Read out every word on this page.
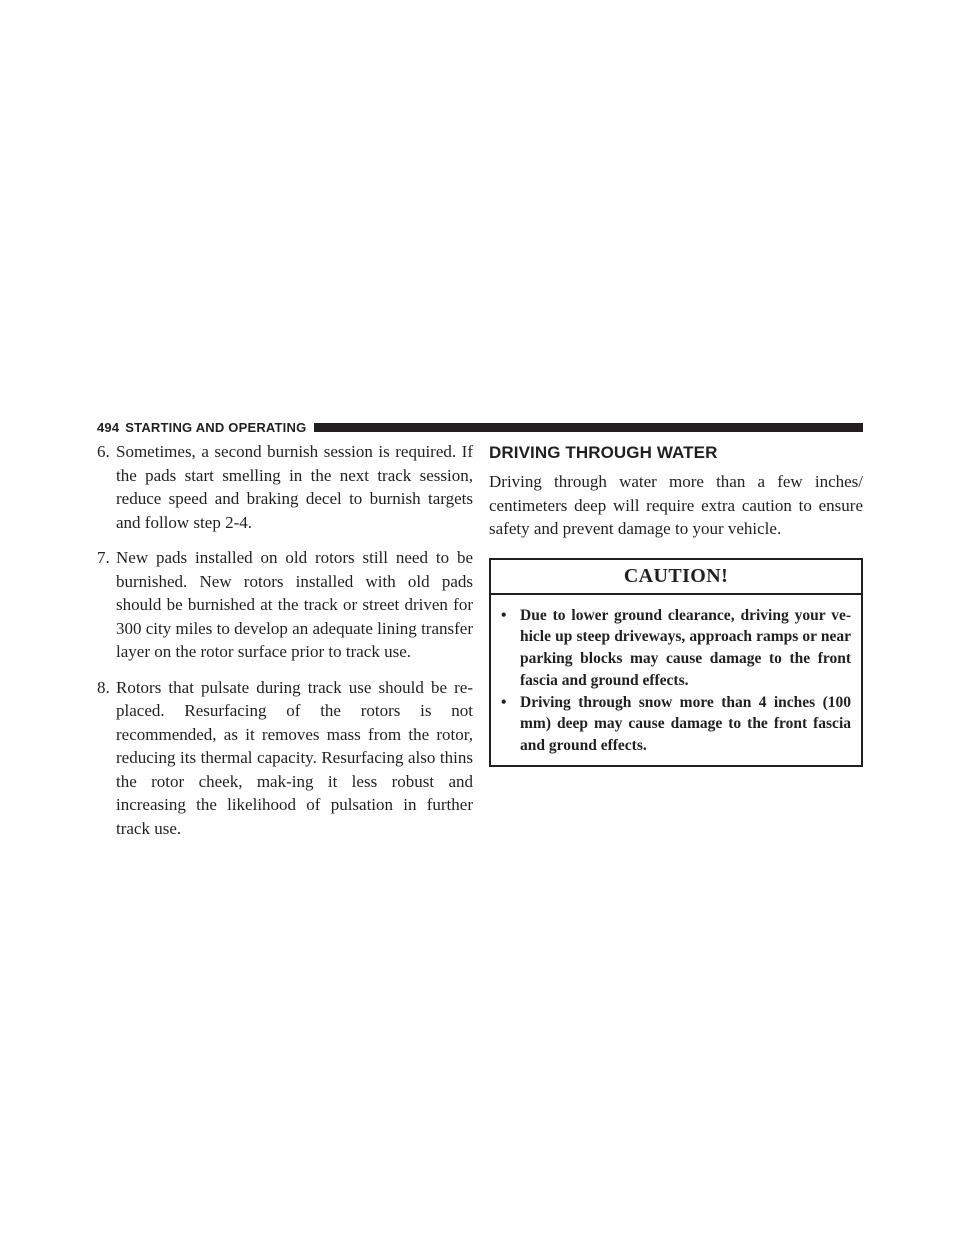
494 STARTING AND OPERATING
6. Sometimes, a second burnish session is required. If the pads start smelling in the next track session, reduce speed and braking decel to burnish targets and follow step 2-4.
7. New pads installed on old rotors still need to be burnished. New rotors installed with old pads should be burnished at the track or street driven for 300 city miles to develop an adequate lining transfer layer on the rotor surface prior to track use.
8. Rotors that pulsate during track use should be re-placed. Resurfacing of the rotors is not recommended, as it removes mass from the rotor, reducing its thermal capacity. Resurfacing also thins the rotor cheek, mak-ing it less robust and increasing the likelihood of pulsation in further track use.
DRIVING THROUGH WATER

Driving through water more than a few inches/ centimeters deep will require extra caution to ensure safety and prevent damage to your vehicle.

CAUTION!
• Due to lower ground clearance, driving your ve-hicle up steep driveways, approach ramps or near parking blocks may cause damage to the front fascia and ground effects.
• Driving through snow more than 4 inches (100 mm) deep may cause damage to the front fascia and ground effects.
